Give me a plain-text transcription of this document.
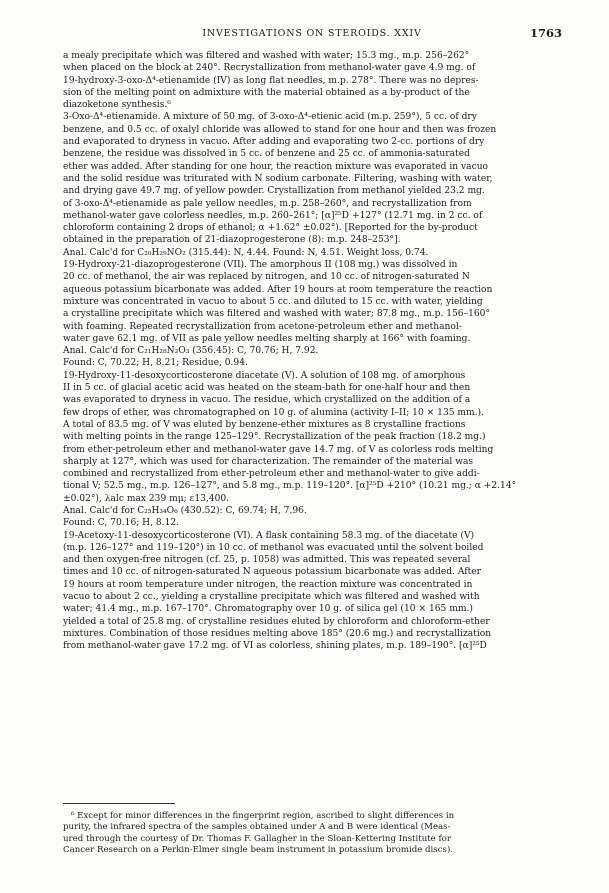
INVESTIGATIONS ON STEROIDS. XXIV	1763
a mealy precipitate which was filtered and washed with water; 15.3 mg., m.p. 256–262°
when placed on the block at 240°. Recrystallization from methanol-water gave 4.9 mg. of
19-hydroxy-3-oxo-Δ⁴-etienamide (IV) as long flat needles, m.p. 278°. There was no depres-
sion of the melting point on admixture with the material obtained as a by-product of the
diazoketone synthesis.⁶
3-Oxo-Δ⁴-etienamide. A mixture of 50 mg. of 3-oxo-Δ⁴-etienic acid (m.p. 259°), 5 cc. of dry
benzene, and 0.5 cc. of oxalyl chloride was allowed to stand for one hour and then was frozen
and evaporated to dryness in vacuo. After adding and evaporating two 2-cc. portions of dry
benzene, the residue was dissolved in 5 cc. of benzene and 25 cc. of ammonia-saturated
ether was added. After standing for one hour, the reaction mixture was evaporated in vacuo
and the solid residue was triturated with N sodium carbonate. Filtering, washing with water,
and drying gave 49.7 mg. of yellow powder. Crystallization from methanol yielded 23.2 mg.
of 3-oxo-Δ⁴-etienamide as pale yellow needles, m.p. 258–260°, and recrystallization from
methanol-water gave colorless needles, m.p. 260–261°; [α]²⁵D +127° (12.71 mg. in 2 cc. of
chloroform containing 2 drops of ethanol; α +1.62° ±0.02°). [Reported for the by-product
obtained in the preparation of 21-diazoprogesterone (8): m.p. 248–253°].
Anal. Calc'd for C₂₀H₂₉NO₂ (315.44): N, 4.44. Found: N, 4.51. Weight loss, 0.74.
19-Hydroxy-21-diazoprogesterone (VII). The amorphous II (108 mg.) was dissolved in
20 cc. of methanol, the air was replaced by nitrogen, and 10 cc. of nitrogen-saturated N
aqueous potassium bicarbonate was added. After 19 hours at room temperature the reaction
mixture was concentrated in vacuo to about 5 cc. and diluted to 15 cc. with water, yielding
a crystalline precipitate which was filtered and washed with water; 87.8 mg., m.p. 156–160°
with foaming. Repeated recrystallization from acetone-petroleum ether and methanol-
water gave 62.1 mg. of VII as pale yellow needles melting sharply at 166° with foaming.
Anal. Calc'd for C₂₁H₂₈N₂O₃ (356.45): C, 70.76; H, 7.92.
Found: C, 70.22; H, 8.21; Residue, 0.94.
19-Hydroxy-11-desoxycorticosterone diacetate (V). A solution of 108 mg. of amorphous
II in 5 cc. of glacial acetic acid was heated on the steam-bath for one-half hour and then
was evaporated to dryness in vacuo. The residue, which crystallized on the addition of a
few drops of ether, was chromatographed on 10 g. of alumina (activity I–II; 10 × 135 mm.).
A total of 83.5 mg. of V was eluted by benzene-ether mixtures as 8 crystalline fractions
with melting points in the range 125–129°. Recrystallization of the peak fraction (18.2 mg.)
from ether-petroleum ether and methanol-water gave 14.7 mg. of V as colorless rods melting
sharply at 127°, which was used for characterization. The remainder of the material was
combined and recrystallized from ether-petroleum ether and methanol-water to give addi-
tional V; 52.5 mg., m.p. 126–127°, and 5.8 mg., m.p. 119–120°. [α]²⁵D +210° (10.21 mg.; α +2.14°
±0.02°), λalc max 239 mμ; ε13,400.
Anal. Calc'd for C₂₅H₃₄O₆ (430.52): C, 69.74; H, 7.96.
Found: C, 70.16; H, 8.12.
19-Acetoxy-11-desoxycorticosterone (VI). A flask containing 58.3 mg. of the diacetate (V)
(m.p. 126–127° and 119–120°) in 10 cc. of methanol was evacuated until the solvent boiled
and then oxygen-free nitrogen (cf. 25, p. 1058) was admitted. This was repeated several
times and 10 cc. of nitrogen-saturated N aqueous potassium bicarbonate was added. After
19 hours at room temperature under nitrogen, the reaction mixture was concentrated in
vacuo to about 2 cc., yielding a crystalline precipitate which was filtered and washed with
water; 41.4 mg., m.p. 167–170°. Chromatography over 10 g. of silica gel (10 × 165 mm.)
yielded a total of 25.8 mg. of crystalline residues eluted by chloroform and chloroform-ether
mixtures. Combination of those residues melting above 185° (20.6 mg.) and recrystallization
from methanol-water gave 17.2 mg. of VI as colorless, shining plates, m.p. 189–190°. [α]²⁵D
⁶ Except for minor differences in the fingerprint region, ascribed to slight differences in
purity, the infrared spectra of the samples obtained under A and B were identical (Meas-
ured through the courtesy of Dr. Thomas F. Gallagher in the Sloan-Kettering Institute for
Cancer Research on a Perkin-Elmer single beam instrument in potassium bromide discs).
